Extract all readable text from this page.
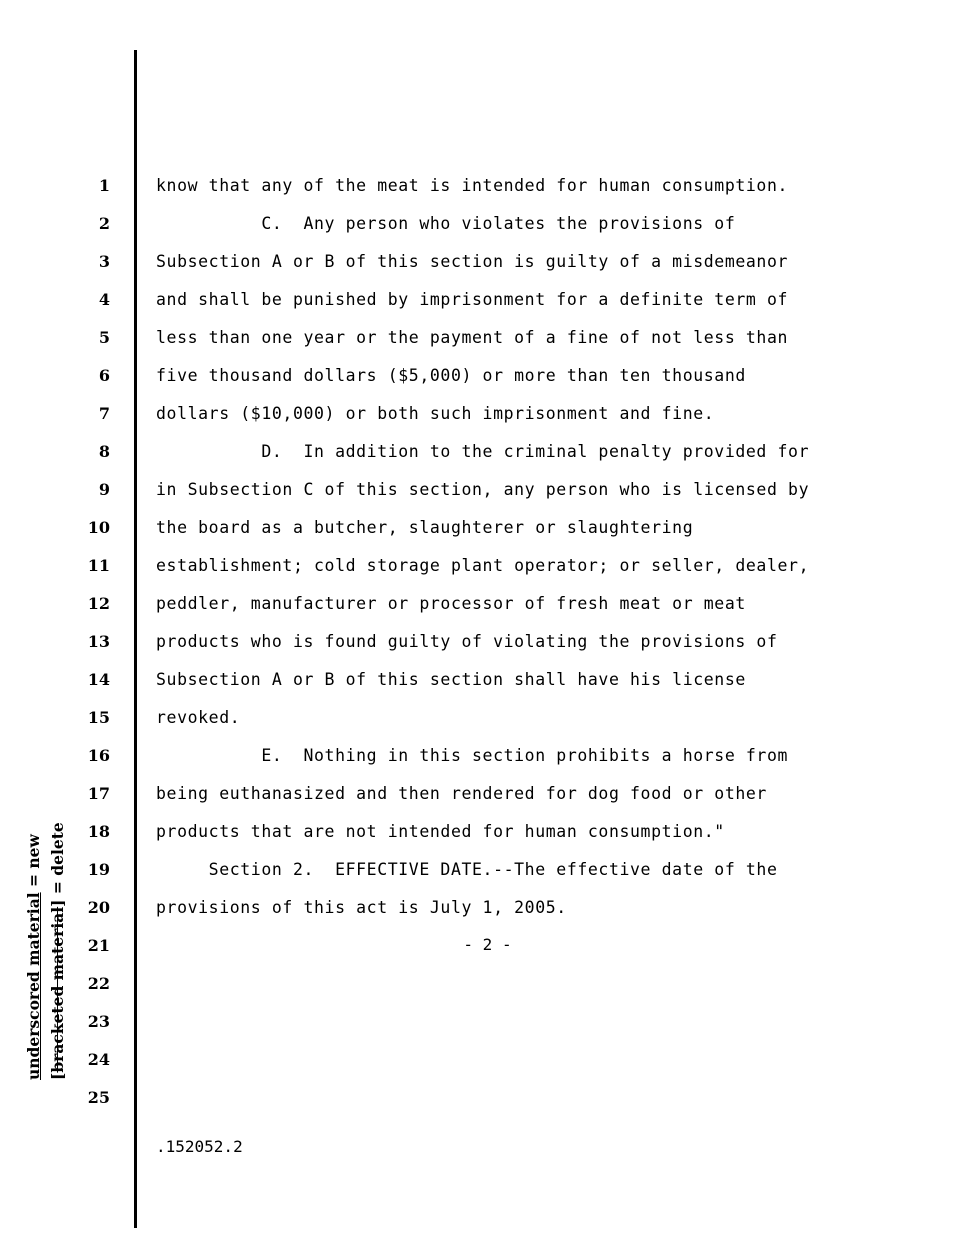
1
2
3
4
5
6
7
8
9
10
11
12
13
14
15
16
17
18
19
20
21
22
23
24
25
know that any of the meat is intended for human consumption.
C.  Any person who violates the provisions of
Subsection A or B of this section is guilty of a misdemeanor
and shall be punished by imprisonment for a definite term of
less than one year or the payment of a fine of not less than
five thousand dollars ($5,000) or more than ten thousand
dollars ($10,000) or both such imprisonment and fine.
D.  In addition to the criminal penalty provided for
in Subsection C of this section, any person who is licensed by
the board as a butcher, slaughterer or slaughtering
establishment; cold storage plant operator; or seller, dealer,
peddler, manufacturer or processor of fresh meat or meat
products who is found guilty of violating the provisions of
Subsection A or B of this section shall have his license
revoked.
E.  Nothing in this section prohibits a horse from
being euthanasized and then rendered for dog food or other
products that are not intended for human consumption."
Section 2.  EFFECTIVE DATE.--The effective date of the
provisions of this act is July 1, 2005.
- 2 -
.152052.2
underscored material = new
[bracketed material] = delete
